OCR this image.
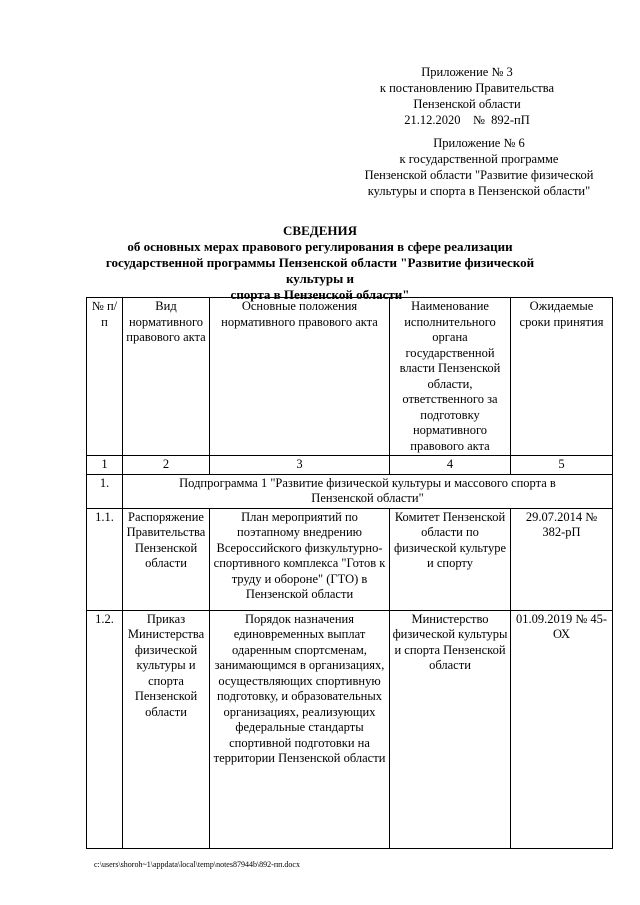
Приложение № 3
к постановлению Правительства
Пензенской области
21.12.2020    №  892-пП
Приложение № 6
к государственной программе
Пензенской области "Развитие физической
культуры и спорта в Пензенской области"
СВЕДЕНИЯ
об основных мерах правового регулирования в сфере реализации
государственной программы Пензенской области "Развитие физической культуры и
спорта в Пензенской области"
№ п/п	Вид нормативного правового акта	Основные положения нормативного правового акта	Наименование исполнительного органа государственной власти Пензенской области, ответственного за подготовку нормативного правового акта	Ожидаемые сроки принятия
1	2	3	4	5
1.	Подпрограмма 1 "Развитие физической культуры и массового спорта в Пензенской области"			
1.1.	Распоряжение Правительства Пензенской области	План мероприятий по поэтапному внедрению Всероссийского физкультурно-спортивного комплекса "Готов к труду и обороне" (ГТО) в Пензенской области	Комитет Пензенской области по физической культуре и спорту	29.07.2014 № 382-рП
1.2.	Приказ Министерства физической культуры и спорта Пензенской области	Порядок назначения единовременных выплат одаренным спортсменам, занимающимся в организациях, осуществляющих спортивную подготовку, и образовательных организациях, реализующих федеральные стандарты спортивной подготовки на территории Пензенской области	Министерство физической культуры и спорта Пензенской области	01.09.2019 № 45-ОХ
c:\users\shoroh~1\appdata\local\temp\notes87944b\892-пп.docx
